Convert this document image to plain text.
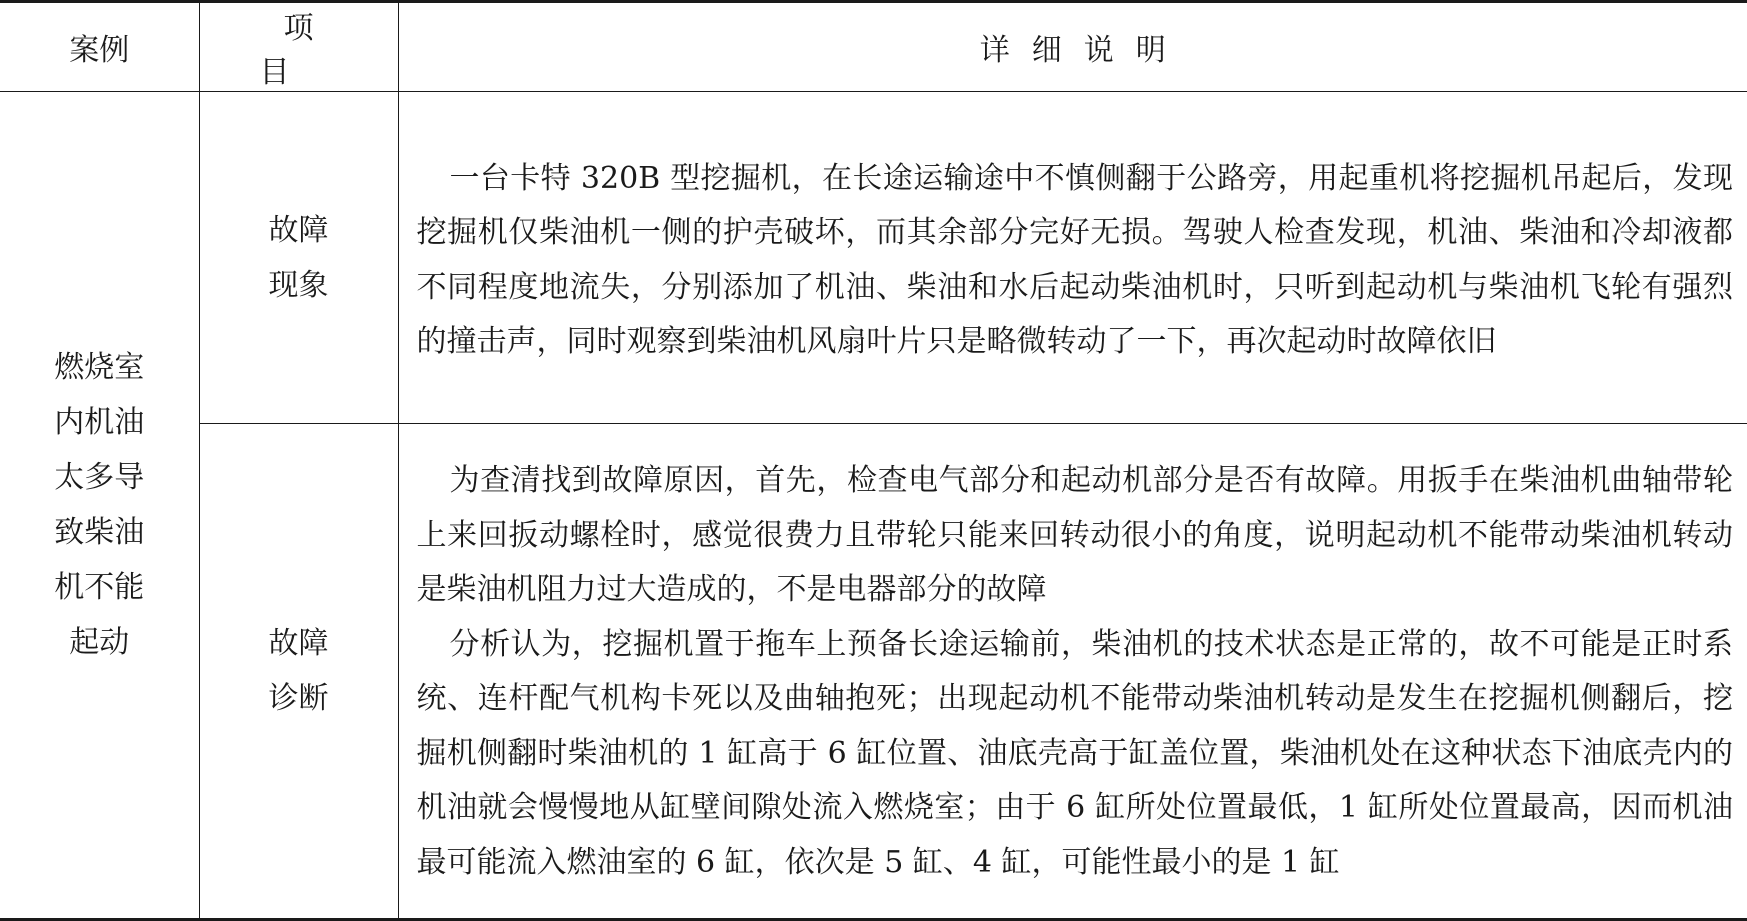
案例	项目	详细说明
燃烧室内机油太多导致柴油机不能起动	故障现象	一台卡特 320B 型挖掘机，在长途运输途中不慎侧翻于公路旁，用起重机将挖掘机吊起后，发现挖掘机仅柴油机一侧的护壳破坏，而其余部分完好无损。驾驶人检查发现，机油、柴油和冷却液都不同程度地流失，分别添加了机油、柴油和水后起动柴油机时，只听到起动机与柴油机飞轮有强烈的撞击声，同时观察到柴油机风扇叶片只是略微转动了一下，再次起动时故障依旧

	故障诊断	为查清找到故障原因，首先，检查电气部分和起动机部分是否有故障。用扳手在柴油机曲轴带轮上来回扳动螺栓时，感觉很费力且带轮只能来回转动很小的角度，说明起动机不能带动柴油机转动是柴油机阻力过大造成的，不是电器部分的故障

分析认为，挖掘机置于拖车上预备长途运输前，柴油机的技术状态是正常的，故不可能是正时系统、连杆配气机构卡死以及曲轴抱死；出现起动机不能带动柴油机转动是发生在挖掘机侧翻后，挖掘机侧翻时柴油机的 1 缸高于 6 缸位置、油底壳高于缸盖位置，柴油机处在这种状态下油底壳内的机油就会慢慢地从缸壁间隙处流入燃烧室；由于 6 缸所处位置最低，1 缸所处位置最高，因而机油最可能流入燃油室的 6 缸，依次是 5 缸、4 缸，可能性最小的是 1 缸
